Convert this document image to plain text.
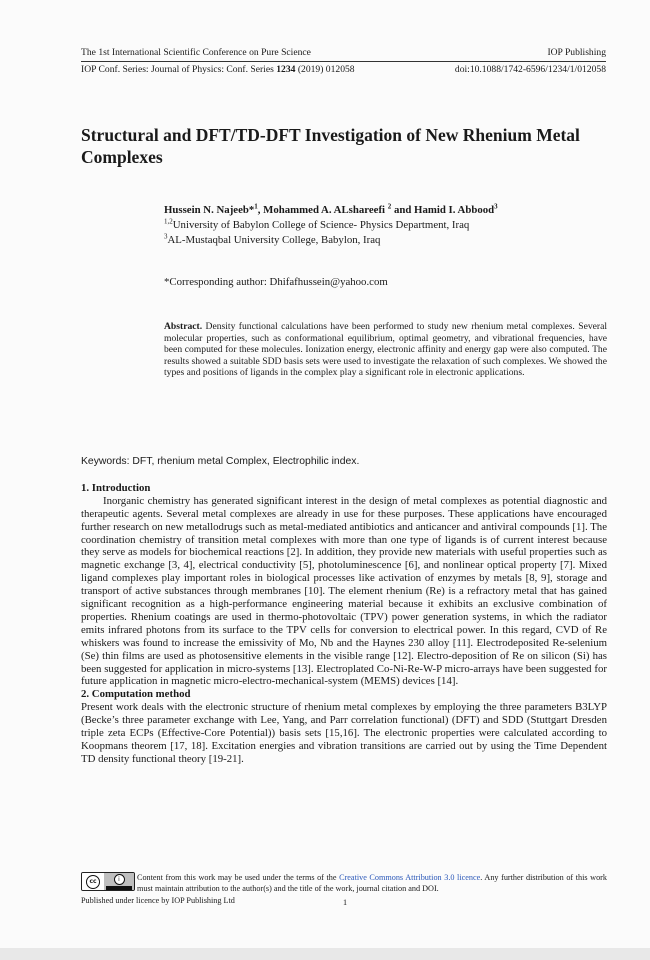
The 1st International Scientific Conference on Pure Science	IOP Publishing
IOP Conf. Series: Journal of Physics: Conf. Series 1234 (2019) 012058	doi:10.1088/1742-6596/1234/1/012058
Structural and DFT/TD-DFT Investigation of New Rhenium Metal Complexes
Hussein N. Najeeb*$^1$, Mohammed A. ALshareefi $^2$ and Hamid I. Abbood$^3$
$^{1,2}$University of Babylon College of Science- Physics Department, Iraq
$^3$AL-Mustaqbal University College, Babylon, Iraq
*Corresponding author: Dhifafhussein@yahoo.com
Abstract. Density functional calculations have been performed to study new rhenium metal complexes. Several molecular properties, such as conformational equilibrium, optimal geometry, and vibrational frequencies, have been computed for these molecules. Ionization energy, electronic affinity and energy gap were also computed. The results showed a suitable SDD basis sets were used to investigate the relaxation of such complexes. We showed the types and positions of ligands in the complex play a significant role in electronic applications.
Keywords: DFT, rhenium metal Complex, Electrophilic index.
1. Introduction
Inorganic chemistry has generated significant interest in the design of metal complexes as potential diagnostic and therapeutic agents. Several metal complexes are already in use for these purposes. These applications have encouraged further research on new metallodrugs such as metal-mediated antibiotics and anticancer and antiviral compounds [1]. The coordination chemistry of transition metal complexes with more than one type of ligands is of current interest because they serve as models for biochemical reactions [2]. In addition, they provide new materials with useful properties such as magnetic exchange [3, 4], electrical conductivity [5], photoluminescence [6], and nonlinear optical property [7]. Mixed ligand complexes play important roles in biological processes like activation of enzymes by metals [8, 9], storage and transport of active substances through membranes [10]. The element rhenium (Re) is a refractory metal that has gained significant recognition as a high-performance engineering material because it exhibits an exclusive combination of properties. Rhenium coatings are used in thermo-photovoltaic (TPV) power generation systems, in which the radiator emits infrared photons from its surface to the TPV cells for conversion to electrical power. In this regard, CVD of Re whiskers was found to increase the emissivity of Mo, Nb and the Haynes 230 alloy [11]. Electrodeposited Re-selenium (Se) thin films are used as photosensitive elements in the visible range [12]. Electro-deposition of Re on silicon (Si) has been suggested for application in micro-systems [13]. Electroplated Co-Ni-Re-W-P micro-arrays have been suggested for future application in magnetic micro-electro-mechanical-system (MEMS) devices [14].
2. Computation method
Present work deals with the electronic structure of rhenium metal complexes by employing the three parameters B3LYP (Becke’s three parameter exchange with Lee, Yang, and Parr correlation functional) (DFT) and SDD (Stuttgart Dresden triple zeta ECPs (Effective-Core Potential)) basis sets [15,16]. The electronic properties were calculated according to Koopmans theorem [17, 18]. Excitation energies and vibration transitions are carried out by using the Time Dependent TD density functional theory [19-21].
cc	i	Content from this work may be used under the terms of the Creative Commons Attribution 3.0 licence. Any further distribution of this work must maintain attribution to the author(s) and the title of the work, journal citation and DOI.
Published under licence by IOP Publishing Ltd	1
